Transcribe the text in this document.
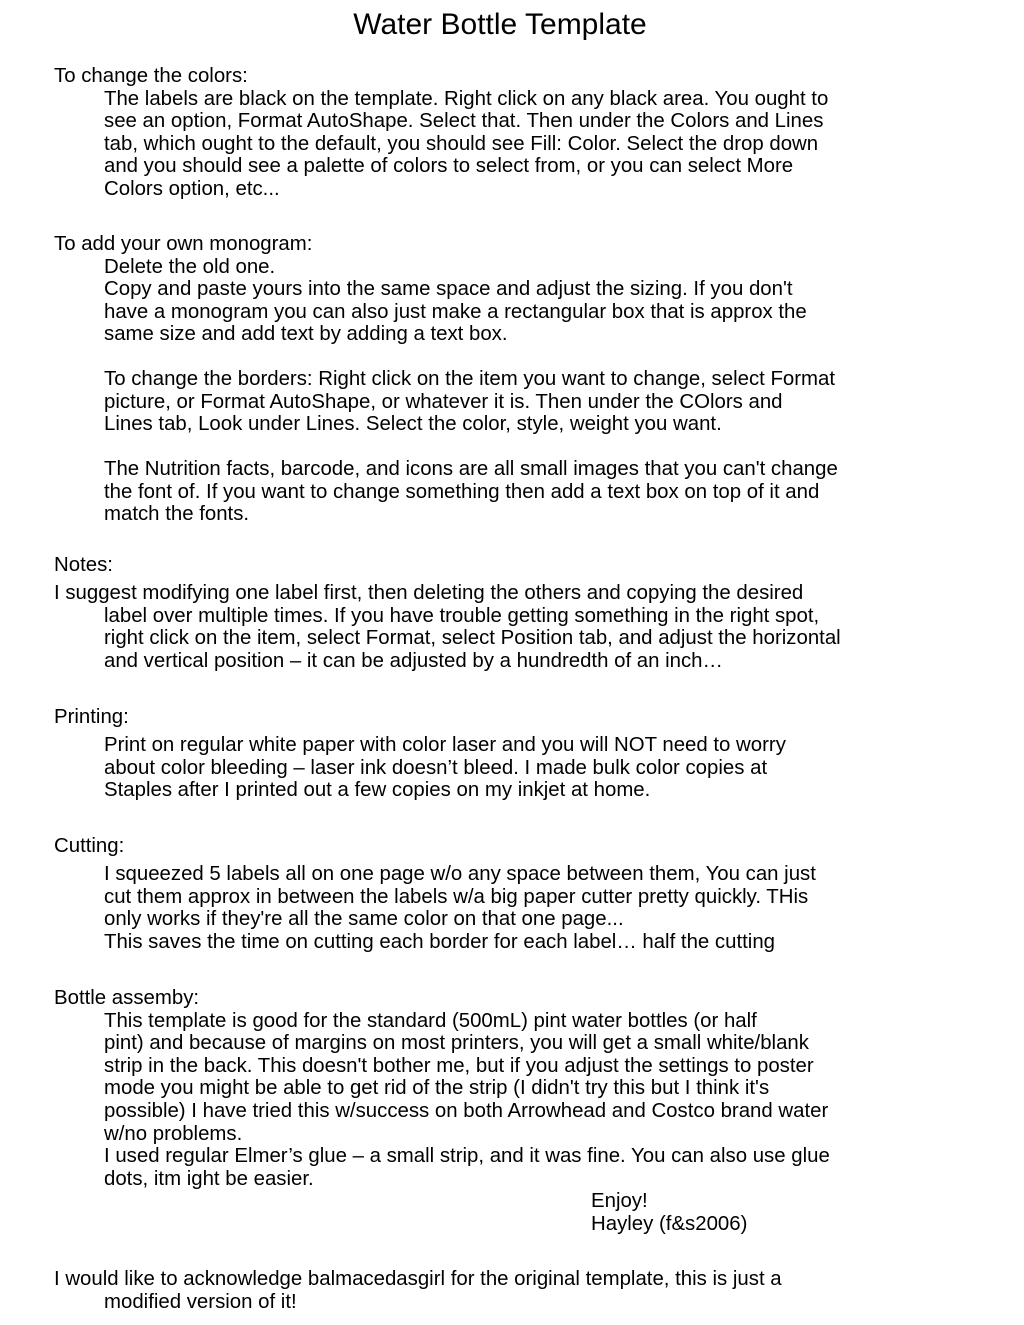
Water Bottle Template
To change the colors:
The labels are black on the template. Right click on any black area. You ought to
see an option, Format AutoShape. Select that. Then under the Colors and Lines
tab, which ought to the default, you should see Fill: Color. Select the drop down
and you should see a palette of colors to select from, or you can select More
Colors option, etc...
To add your own monogram:
Delete the old one.
Copy and paste yours into the same space and adjust the sizing. If you don't
have a monogram you can also just make a rectangular box that is approx the
same size and add text by adding a text box.
To change the borders: Right click on the item you want to change, select Format
picture, or Format AutoShape, or whatever it is. Then under the COlors and
Lines tab, Look under Lines. Select the color, style, weight you want.
The Nutrition facts, barcode, and icons are all small images that you can't change
the font of. If you want to change something then add a text box on top of it and
match the fonts.
Notes:
I suggest modifying one label first, then deleting the others and copying the desired
label over multiple times. If you have trouble getting something in the right spot,
right click on the item, select Format, select Position tab, and adjust the horizontal
and vertical position – it can be adjusted by a hundredth of an inch…
Printing:
Print on regular white paper with color laser and you will NOT need to worry
about color bleeding – laser ink doesn’t bleed. I made bulk color copies at
Staples after I printed out a few copies on my inkjet at home.
Cutting:
I squeezed 5 labels all on one page w/o any space between them, You can just
cut them approx in between the labels w/a big paper cutter pretty quickly. THis
only works if they're all the same color on that one page...
This saves the time on cutting each border for each label… half the cutting
Bottle assemby:
This template is good for the standard (500mL) pint water bottles (or half
pint) and because of margins on most printers, you will get a small white/blank
strip in the back. This doesn't bother me, but if you adjust the settings to poster
mode you might be able to get rid of the strip (I didn't try this but I think it's
possible) I have tried this w/success on both Arrowhead and Costco brand water
w/no problems.
I used regular Elmer’s glue – a small strip, and it was fine. You can also use glue
dots, itm ight be easier.
Enjoy!
Hayley (f&s2006)
I would like to acknowledge balmacedasgirl for the original template, this is just a
modified version of it!
